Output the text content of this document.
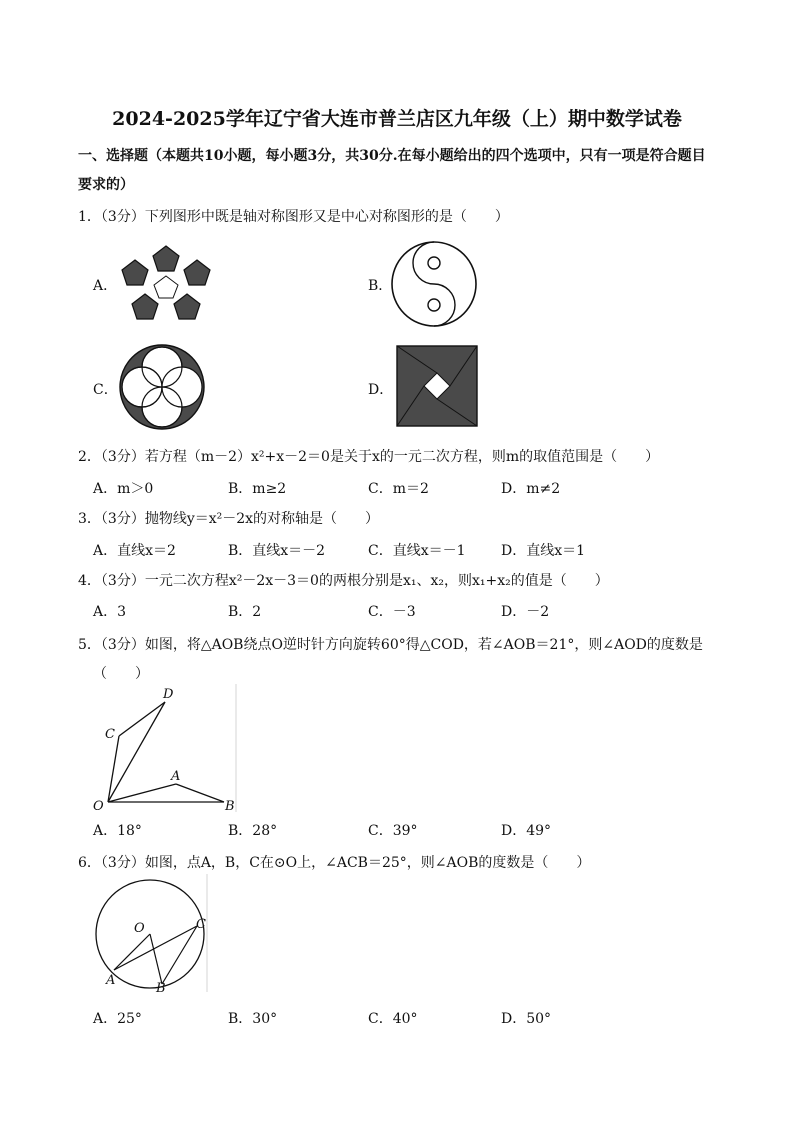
2024-2025学年辽宁省大连市普兰店区九年级（上）期中数学试卷
一、选择题（本题共10小题，每小题3分，共30分.在每小题给出的四个选项中，只有一项是符合题目
要求的）
1．（3分）下列图形中既是轴对称图形又是中心对称图形的是（　　）
A．	B．
C．	D．
2．（3分）若方程（m－2）x²+x－2＝0是关于x的一元二次方程，则m的取值范围是（　　）
A．m＞0	B．m≥2	C．m＝2	D．m≠2
3．（3分）抛物线y＝x²－2x的对称轴是（　　）
A．直线x＝2	B．直线x＝－2	C．直线x＝－1	D．直线x＝1
4．（3分）一元二次方程x²－2x－3＝0的两根分别是x₁、x₂，则x₁+x₂的值是（　　）
A．3	B．2	C．－3	D．－2
5．（3分）如图，将△AOB绕点O逆时针方向旋转60°得△COD，若∠AOB＝21°，则∠AOD的度数是
（　　）
D
C
A
O	B
A．18°	B．28°	C．39°	D．49°
6．（3分）如图，点A，B，C在⊙O上，∠ACB＝25°，则∠AOB的度数是（　　）
O	C
A
B
A．25°	B．30°	C．40°	D．50°
